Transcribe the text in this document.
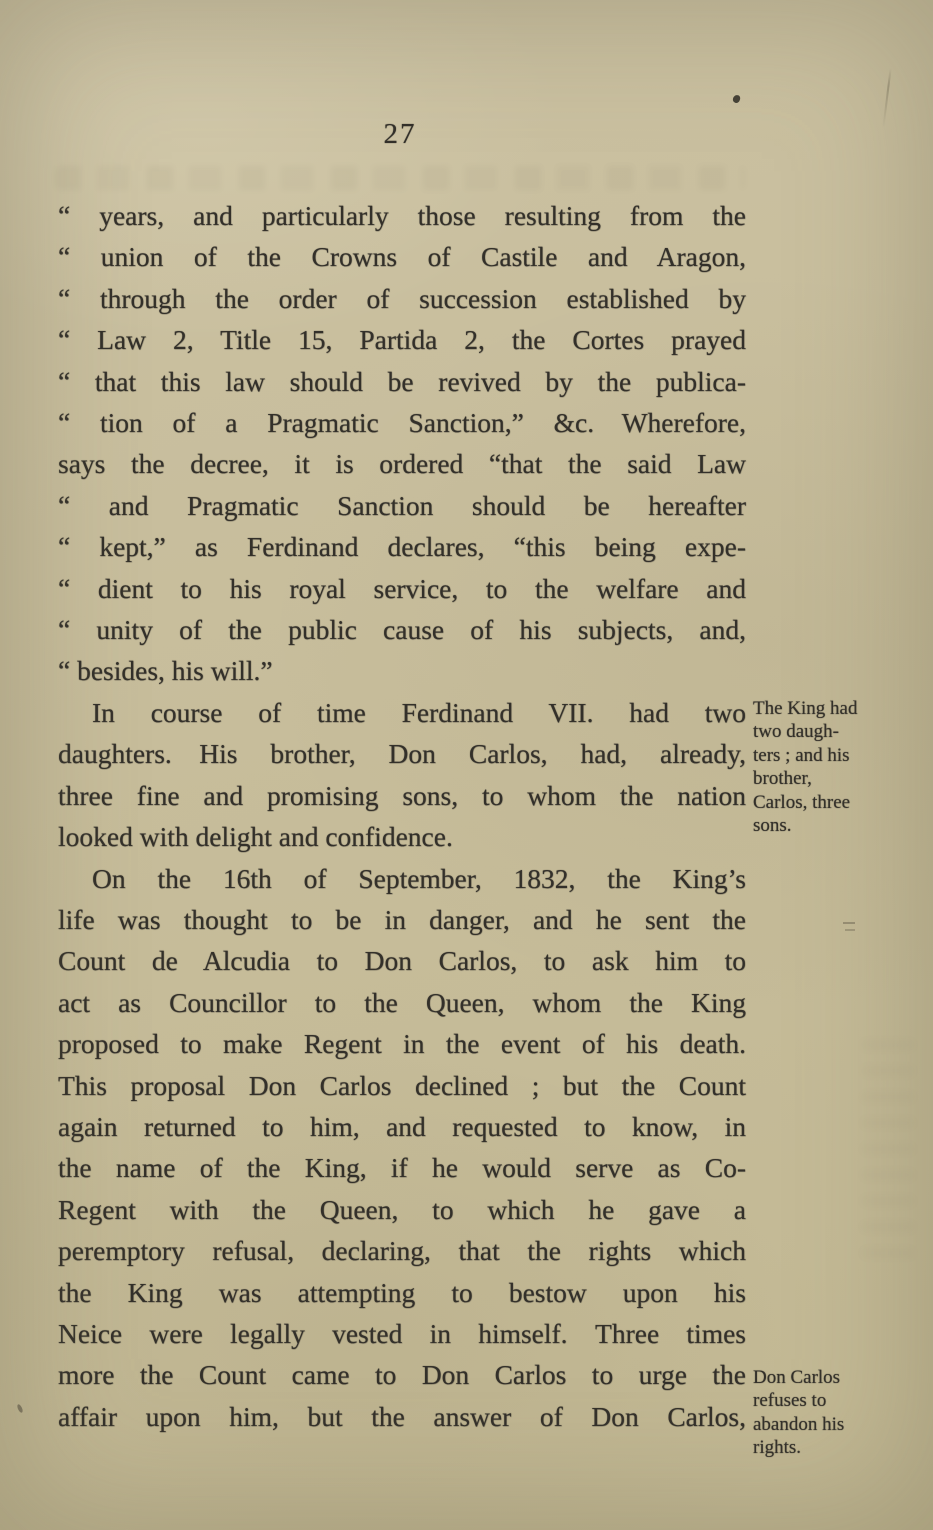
27
“ years, and particularly those resulting from the
“ union of the Crowns of Castile and Aragon,
“ through the order of succession established by
“ Law 2, Title 15, Partida 2, the Cortes prayed
“ that this law should be revived by the publica-
“ tion of a Pragmatic Sanction,” &c. Wherefore,
says the decree, it is ordered “that the said Law
“ and Pragmatic Sanction should be hereafter
“ kept,” as Ferdinand declares, “this being expe-
“ dient to his royal service, to the welfare and
“ unity of the public cause of his subjects, and,
“ besides, his will.”
In course of time Ferdinand VII. had two
daughters. His brother, Don Carlos, had, already,
three fine and promising sons, to whom the nation
looked with delight and confidence.
On the 16th of September, 1832, the King’s
life was thought to be in danger, and he sent the
Count de Alcudia to Don Carlos, to ask him to
act as Councillor to the Queen, whom the King
proposed to make Regent in the event of his death.
This proposal Don Carlos declined ; but the Count
again returned to him, and requested to know, in
the name of the King, if he would serve as Co-
Regent with the Queen, to which he gave a
peremptory refusal, declaring, that the rights which
the King was attempting to bestow upon his
Neice were legally vested in himself. Three times
more the Count came to Don Carlos to urge the
affair upon him, but the answer of Don Carlos,
The King had
two daugh-
ters ; and his
brother,
Carlos, three
sons.
Don Carlos
refuses to
abandon his
rights.
